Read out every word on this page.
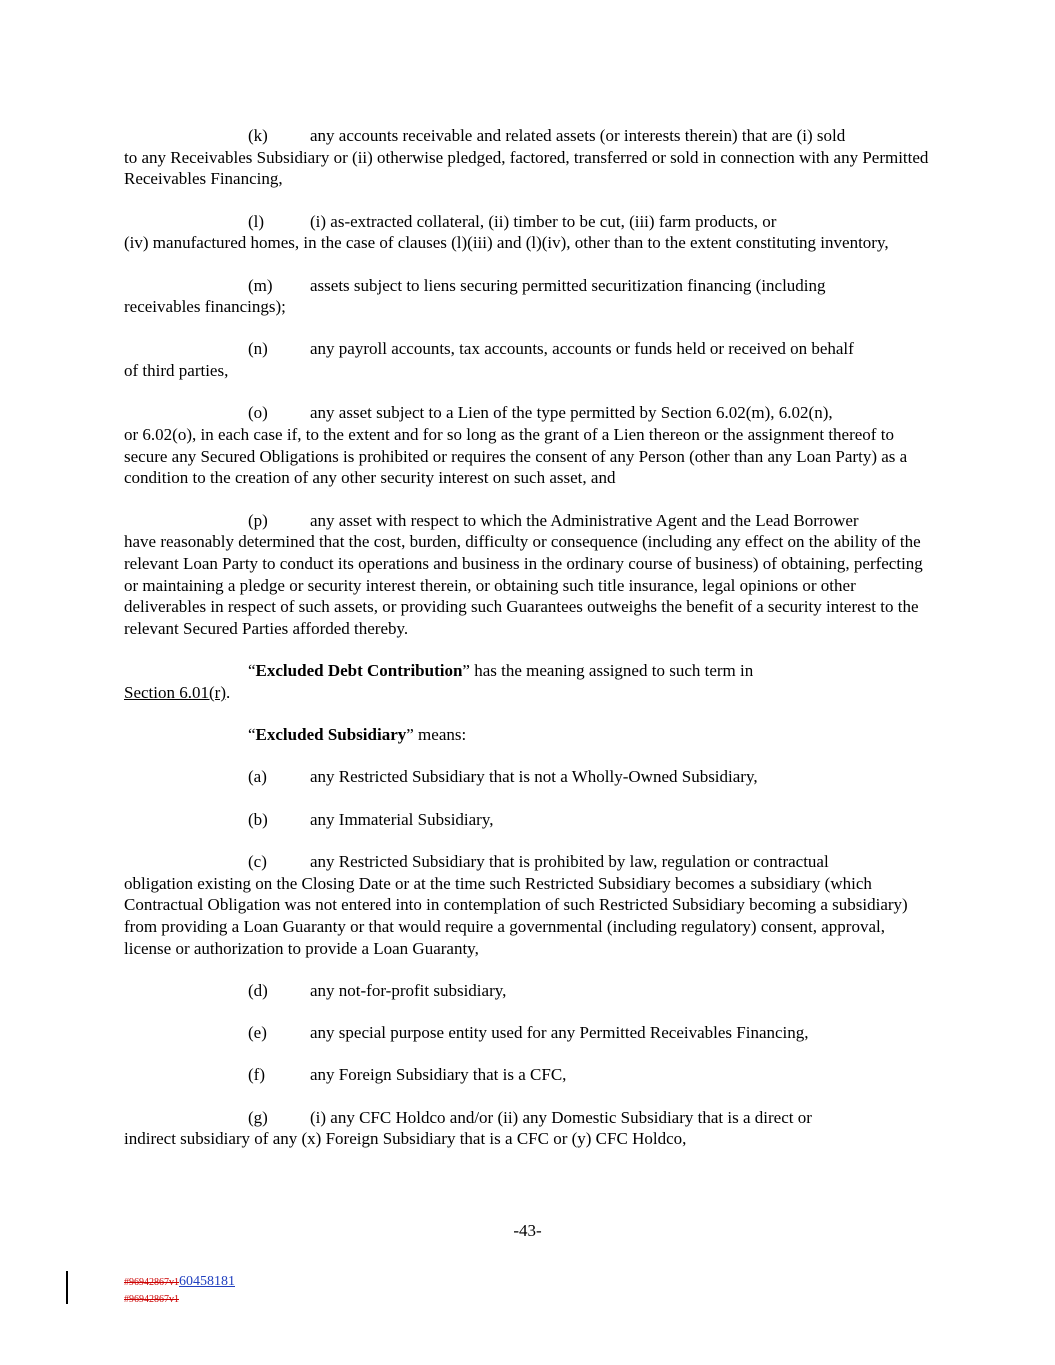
(k) any accounts receivable and related assets (or interests therein) that are (i) sold
to any Receivables Subsidiary or (ii) otherwise pledged, factored, transferred or sold in connection with any Permitted Receivables Financing,

(l)	(i) as-extracted collateral, (ii) timber to be cut, (iii) farm products, or
(iv) manufactured homes, in the case of clauses (l)(iii) and (l)(iv), other than to the extent constituting inventory,

(m) assets subject to liens securing permitted securitization financing (including
receivables financings);

(n) any payroll accounts, tax accounts, accounts or funds held or received on behalf
of third parties,

(o) any asset subject to a Lien of the type permitted by Section 6.02(m), 6.02(n),
or 6.02(o), in each case if, to the extent and for so long as the grant of a Lien thereon or the assignment thereof to secure any Secured Obligations is prohibited or requires the consent of any Person (other than any Loan Party) as a condition to the creation of any other security interest on such asset, and

(p) any asset with respect to which the Administrative Agent and the Lead Borrower
have reasonably determined that the cost, burden, difficulty or consequence (including any effect on the ability of the relevant Loan Party to conduct its operations and business in the ordinary course of business) of obtaining, perfecting or maintaining a pledge or security interest therein, or obtaining such title insurance, legal opinions or other deliverables in respect of such assets, or providing such Guarantees outweighs the benefit of a security interest to the relevant Secured Parties afforded thereby.

“Excluded Debt Contribution” has the meaning assigned to such term in
Section 6.01(r).

“Excluded Subsidiary” means:

(a)	any Restricted Subsidiary that is not a Wholly-Owned Subsidiary,

(b) any Immaterial Subsidiary,

(c)	any Restricted Subsidiary that is prohibited by law, regulation or contractual
obligation existing on the Closing Date or at the time such Restricted Subsidiary becomes a subsidiary (which Contractual Obligation was not entered into in contemplation of such Restricted Subsidiary becoming a subsidiary) from providing a Loan Guaranty or that would require a governmental (including regulatory) consent, approval, license or authorization to provide a Loan Guaranty,

(d) any not-for-profit subsidiary,

(e)	any special purpose entity used for any Permitted Receivables Financing,

(f)	any Foreign Subsidiary that is a CFC,

(g) (i) any CFC Holdco and/or (ii) any Domestic Subsidiary that is a direct or
indirect subsidiary of any (x) Foreign Subsidiary that is a CFC or (y) CFC Holdco,

-43-
#96942867v160458181
#96942867v1
